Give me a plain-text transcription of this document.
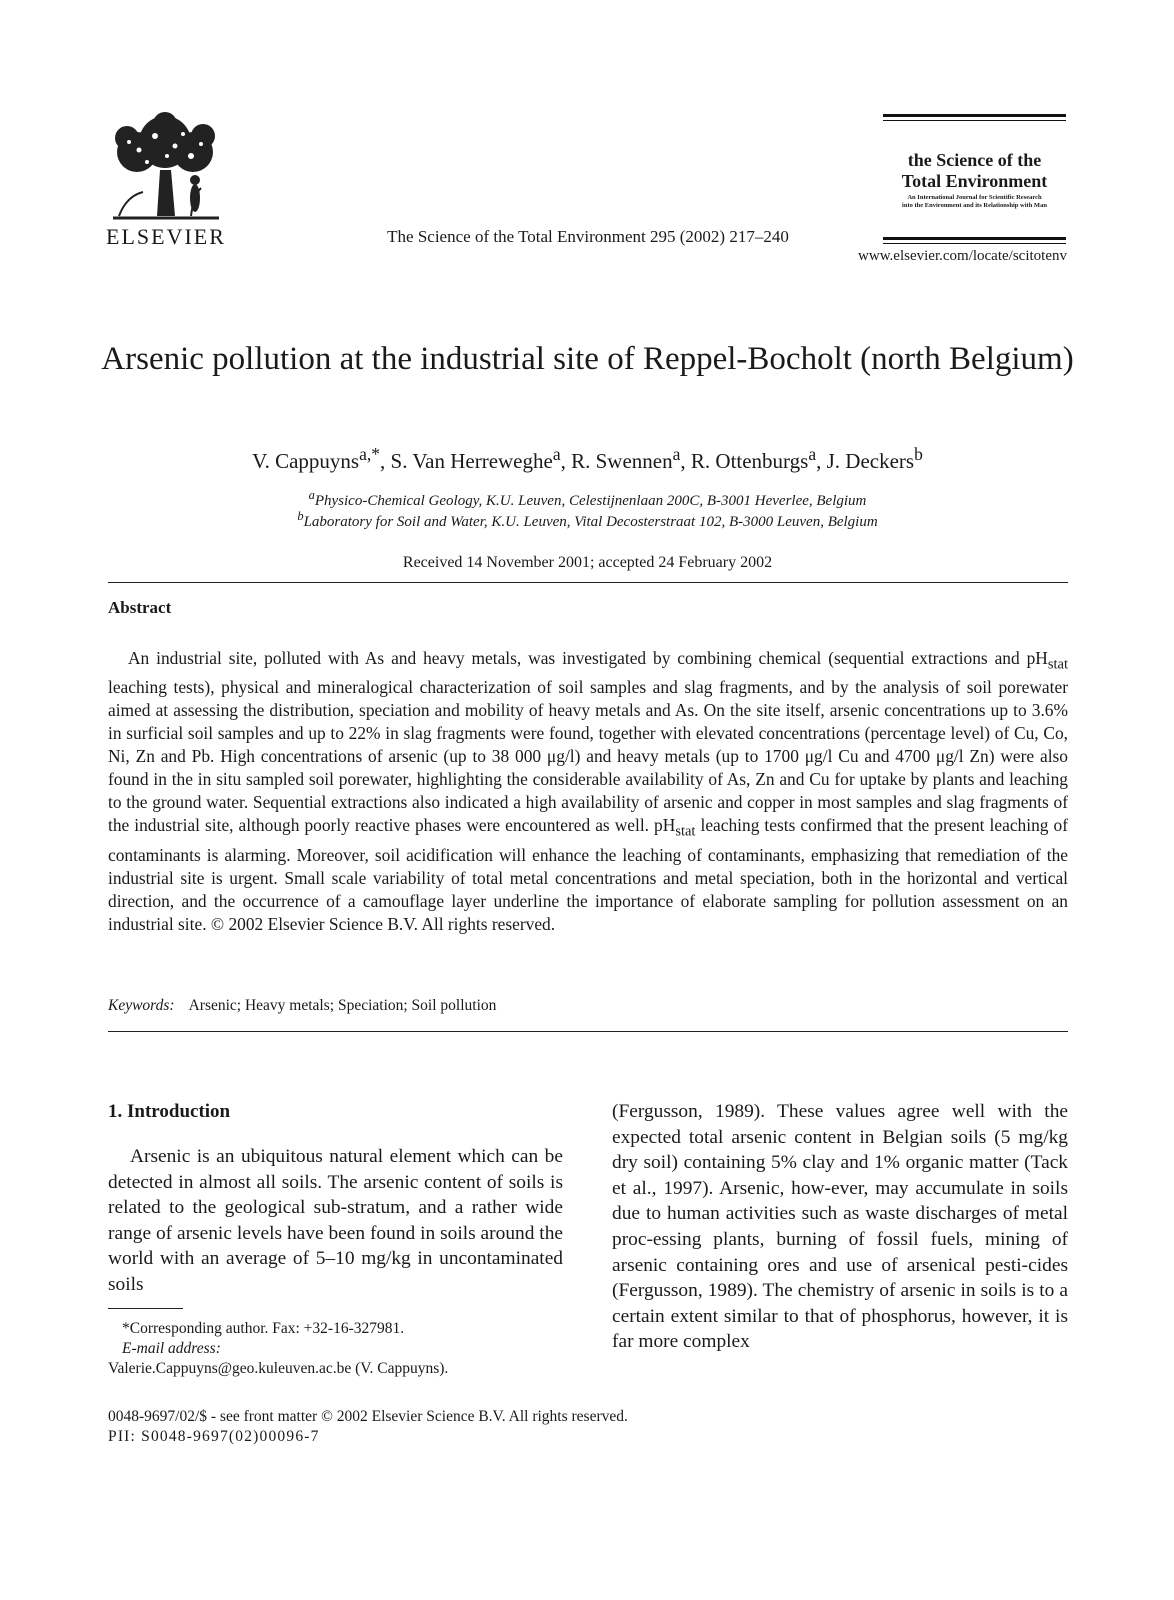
ELSEVIER	The Science of the Total Environment 295 (2002) 217–240
the Science of the
Total Environment
An International Journal for Scientific Research
into the Environment and its Relationship with Man
www.elsevier.com/locate/scitotenv
Arsenic pollution at the industrial site of Reppel-Bocholt (north Belgium)
V. Cappuyns$^{a,*}$, S. Van Herreweghe$^a$, R. Swennen$^a$, R. Ottenburgs$^a$, J. Deckers$^b$
$^a$Physico-Chemical Geology, K.U. Leuven, Celestijnenlaan 200C, B-3001 Heverlee, Belgium
$^b$Laboratory for Soil and Water, K.U. Leuven, Vital Decosterstraat 102, B-3000 Leuven, Belgium
Received 14 November 2001; accepted 24 February 2002
Abstract

An industrial site, polluted with As and heavy metals, was investigated by combining chemical (sequential extractions and $pH_{stat}$ leaching tests), physical and mineralogical characterization of soil samples and slag fragments, and by the analysis of soil porewater aimed at assessing the distribution, speciation and mobility of heavy metals and As. On the site itself, arsenic concentrations up to 3.6% in surficial soil samples and up to 22% in slag fragments were found, together with elevated concentrations (percentage level) of Cu, Co, Ni, Zn and Pb. High concentrations of arsenic (up to 38 000 μg/l) and heavy metals (up to 1700 μg/l Cu and 4700 μg/l Zn) were also found in the in situ sampled soil porewater, highlighting the considerable availability of As, Zn and Cu for uptake by plants and leaching to the ground water. Sequential extractions also indicated a high availability of arsenic and copper in most samples and slag fragments of the industrial site, although poorly reactive phases were encountered as well. $pH_{stat}$ leaching tests confirmed that the present leaching of contaminants is alarming. Moreover, soil acidification will enhance the leaching of contaminants, emphasizing that remediation of the industrial site is urgent. Small scale variability of total metal concentrations and metal speciation, both in the horizontal and vertical direction, and the occurrence of a camouflage layer underline the importance of elaborate sampling for pollution assessment on an industrial site. © 2002 Elsevier Science B.V. All rights reserved.

Keywords: Arsenic; Heavy metals; Speciation; Soil pollution
1. Introduction

Arsenic is an ubiquitous natural element which can be detected in almost all soils. The arsenic content of soils is related to the geological sub-stratum, and a rather wide range of arsenic levels have been found in soils around the world with an average of 5–10 mg/kg in uncontaminated soils

(Fergusson, 1989). These values agree well with the expected total arsenic content in Belgian soils (5 mg/kg dry soil) containing 5% clay and 1% organic matter (Tack et al., 1997). Arsenic, how-ever, may accumulate in soils due to human activities such as waste discharges of metal proc-essing plants, burning of fossil fuels, mining of arsenic containing ores and use of arsenical pesti-cides (Fergusson, 1989). The chemistry of arsenic in soils is to a certain extent similar to that of phosphorus, however, it is far more complex

*Corresponding author. Fax: +32-16-327981.
E-mail address:
Valerie.Cappuyns@geo.kuleuven.ac.be (V. Cappuyns).
0048-9697/02/$ - see front matter © 2002 Elsevier Science B.V. All rights reserved.
PII: S0048-9697(02)00096-7
